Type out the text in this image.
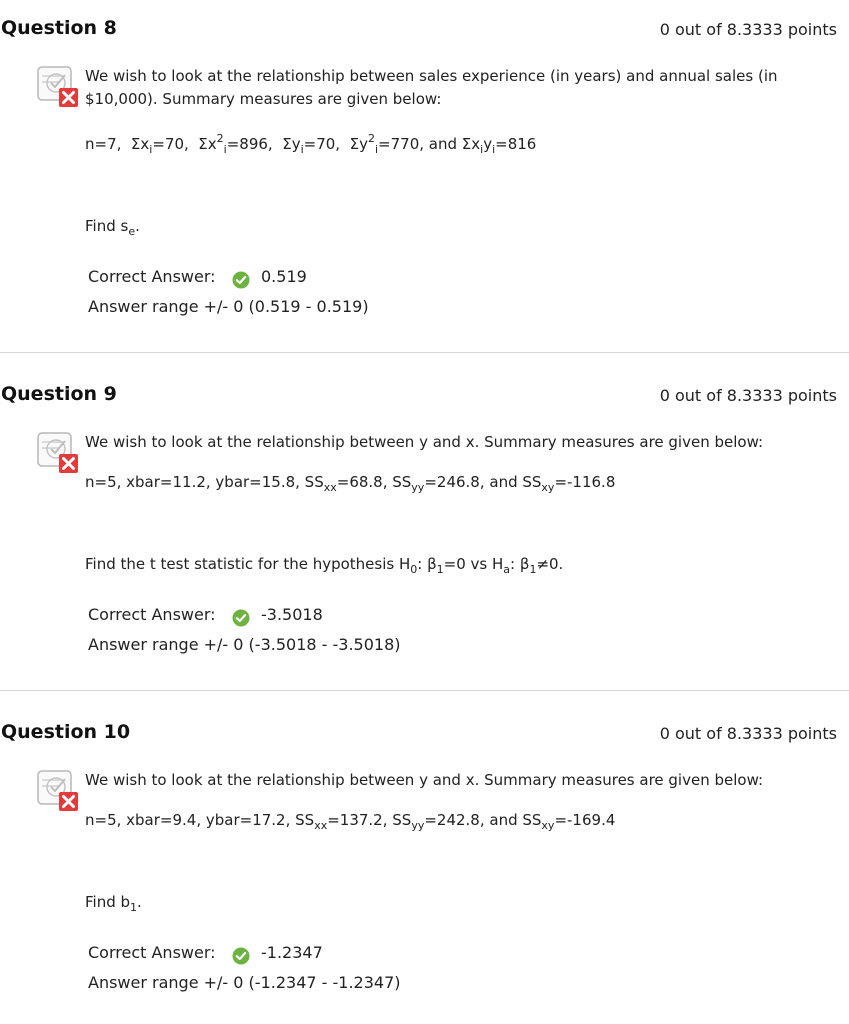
Question 8	0 out of 8.3333 points
We wish to look at the relationship between sales experience (in years) and annual sales (in
$10,000). Summary measures are given below:
n=7,  $\Sigma x_i=70$,  $\Sigma x^2_i=896$,  $\Sigma y_i=70$,  $\Sigma y^2_i=770$, and $\Sigma x_iy_i=816$
Find $s_e$.
Correct Answer:	0.519
Answer range +/- 0 (0.519 - 0.519)
Question 9	0 out of 8.3333 points
We wish to look at the relationship between y and x. Summary measures are given below:
n=5, xbar=11.2, ybar=15.8, $SS_{xx}=68.8$, $SS_{yy}=246.8$, and $SS_{xy}=-116.8$
Find the t test statistic for the hypothesis $H_0$: $\beta_1=0$ vs $H_a$: $\beta_1\ne 0$.
Correct Answer:	-3.5018
Answer range +/- 0 (-3.5018 - -3.5018)
Question 10	0 out of 8.3333 points
We wish to look at the relationship between y and x. Summary measures are given below:
n=5, xbar=9.4, ybar=17.2, $SS_{xx}=137.2$, $SS_{yy}=242.8$, and $SS_{xy}=-169.4$
Find $b_1$.
Correct Answer:	-1.2347
Answer range +/- 0 (-1.2347 - -1.2347)
